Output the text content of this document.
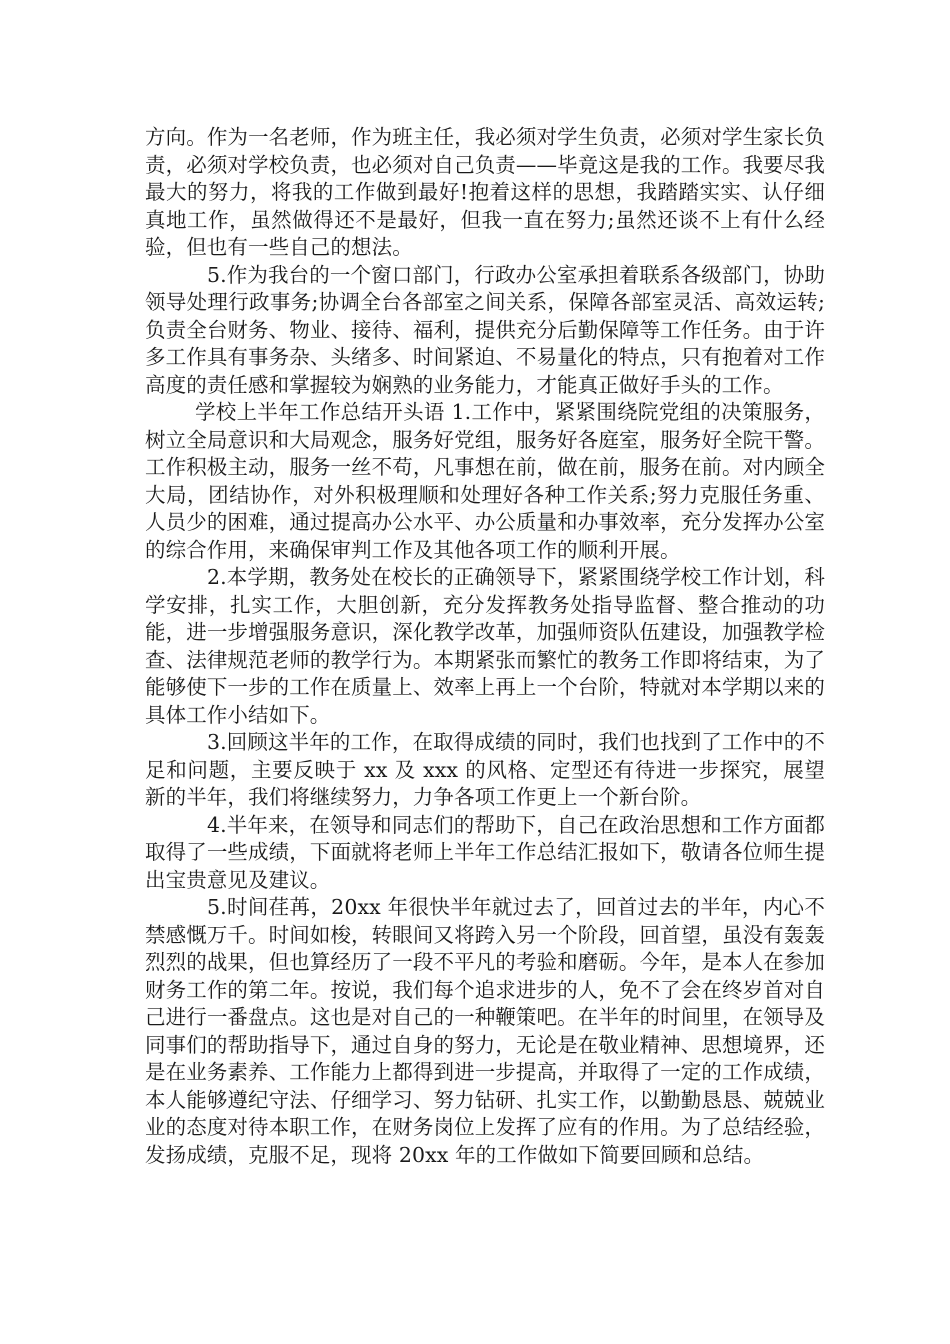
方向。作为一名老师，作为班主任，我必须对学生负责，必须对学生家长负责，必须对学校负责，也必须对自己负责——毕竟这是我的工作。我要尽我最大的努力，将我的工作做到最好!抱着这样的思想，我踏踏实实、认仔细真地工作，虽然做得还不是最好，但我一直在努力;虽然还谈不上有什么经验，但也有一些自己的想法。

5.作为我台的一个窗口部门，行政办公室承担着联系各级部门，协助领导处理行政事务;协调全台各部室之间关系，保障各部室灵活、高效运转;负责全台财务、物业、接待、福利，提供充分后勤保障等工作任务。由于许多工作具有事务杂、头绪多、时间紧迫、不易量化的特点，只有抱着对工作高度的责任感和掌握较为娴熟的业务能力，才能真正做好手头的工作。

学校上半年工作总结开头语 1.工作中，紧紧围绕院党组的决策服务，树立全局意识和大局观念，服务好党组，服务好各庭室，服务好全院干警。工作积极主动，服务一丝不苟，凡事想在前，做在前，服务在前。对内顾全大局，团结协作，对外积极理顺和处理好各种工作关系;努力克服任务重、人员少的困难，通过提高办公水平、办公质量和办事效率，充分发挥办公室的综合作用，来确保审判工作及其他各项工作的顺利开展。

2.本学期，教务处在校长的正确领导下，紧紧围绕学校工作计划，科学安排，扎实工作，大胆创新，充分发挥教务处指导监督、整合推动的功能，进一步增强服务意识，深化教学改革，加强师资队伍建设，加强教学检查、法律规范老师的教学行为。本期紧张而繁忙的教务工作即将结束，为了能够使下一步的工作在质量上、效率上再上一个台阶，特就对本学期以来的具体工作小结如下。

3.回顾这半年的工作，在取得成绩的同时，我们也找到了工作中的不足和问题，主要反映于 xx 及 xxx 的风格、定型还有待进一步探究，展望新的半年，我们将继续努力，力争各项工作更上一个新台阶。

4.半年来，在领导和同志们的帮助下，自己在政治思想和工作方面都取得了一些成绩，下面就将老师上半年工作总结汇报如下，敬请各位师生提出宝贵意见及建议。

5.时间荏苒，20xx 年很快半年就过去了，回首过去的半年，内心不禁感慨万千。时间如梭，转眼间又将跨入另一个阶段，回首望，虽没有轰轰烈烈的战果，但也算经历了一段不平凡的考验和磨砺。今年，是本人在参加财务工作的第二年。按说，我们每个追求进步的人，免不了会在终岁首对自己进行一番盘点。这也是对自己的一种鞭策吧。在半年的时间里，在领导及同事们的帮助指导下，通过自身的努力，无论是在敬业精神、思想境界，还是在业务素养、工作能力上都得到进一步提高，并取得了一定的工作成绩，本人能够遵纪守法、仔细学习、努力钻研、扎实工作，以勤勤恳恳、兢兢业业的态度对待本职工作，在财务岗位上发挥了应有的作用。为了总结经验，发扬成绩，克服不足，现将 20xx 年的工作做如下简要回顾和总结。
